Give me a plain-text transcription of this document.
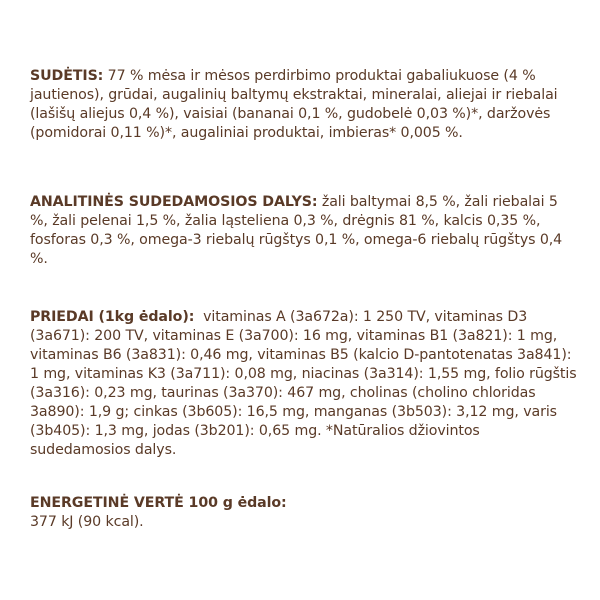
SUDĖTIS: 77 % mėsa ir mėsos perdirbimo produktai gabaliukuose (4 % jautienos), grūdai, augalinių baltymų ekstraktai, mineralai, aliejai ir riebalai (lašišų aliejus 0,4 %), vaisiai (bananai 0,1 %, gudobelė 0,03 %)*, daržovės (pomidorai 0,11 %)*, augaliniai produktai, imbieras* 0,005 %.
ANALITINĖS SUDEDAMOSIOS DALYS: žali baltymai 8,5 %, žali riebalai 5 %, žali pelenai 1,5 %, žalia ląsteliena 0,3 %, drėgnis 81 %, kalcis 0,35 %, fosforas 0,3 %, omega-3 riebalų rūgštys 0,1 %, omega-6 riebalų rūgštys 0,4 %.
PRIEDAI (1kg ėdalo):  vitaminas A (3a672a): 1 250 TV, vitaminas D3 (3a671): 200 TV, vitaminas E (3a700): 16 mg, vitaminas B1 (3a821): 1 mg, vitaminas B6 (3a831): 0,46 mg, vitaminas B5 (kalcio D-pantotenatas 3a841): 1 mg, vitaminas K3 (3a711): 0,08 mg, niacinas (3a314): 1,55 mg, folio rūgštis (3a316): 0,23 mg, taurinas (3a370): 467 mg, cholinas (cholino chloridas 3a890): 1,9 g; cinkas (3b605): 16,5 mg, manganas (3b503): 3,12 mg, varis (3b405): 1,3 mg, jodas (3b201): 0,65 mg. *Natūralios džiovintos sudedamosios dalys.
ENERGETINĖ VERTĖ 100 g ėdalo:
377 kJ (90 kcal).
